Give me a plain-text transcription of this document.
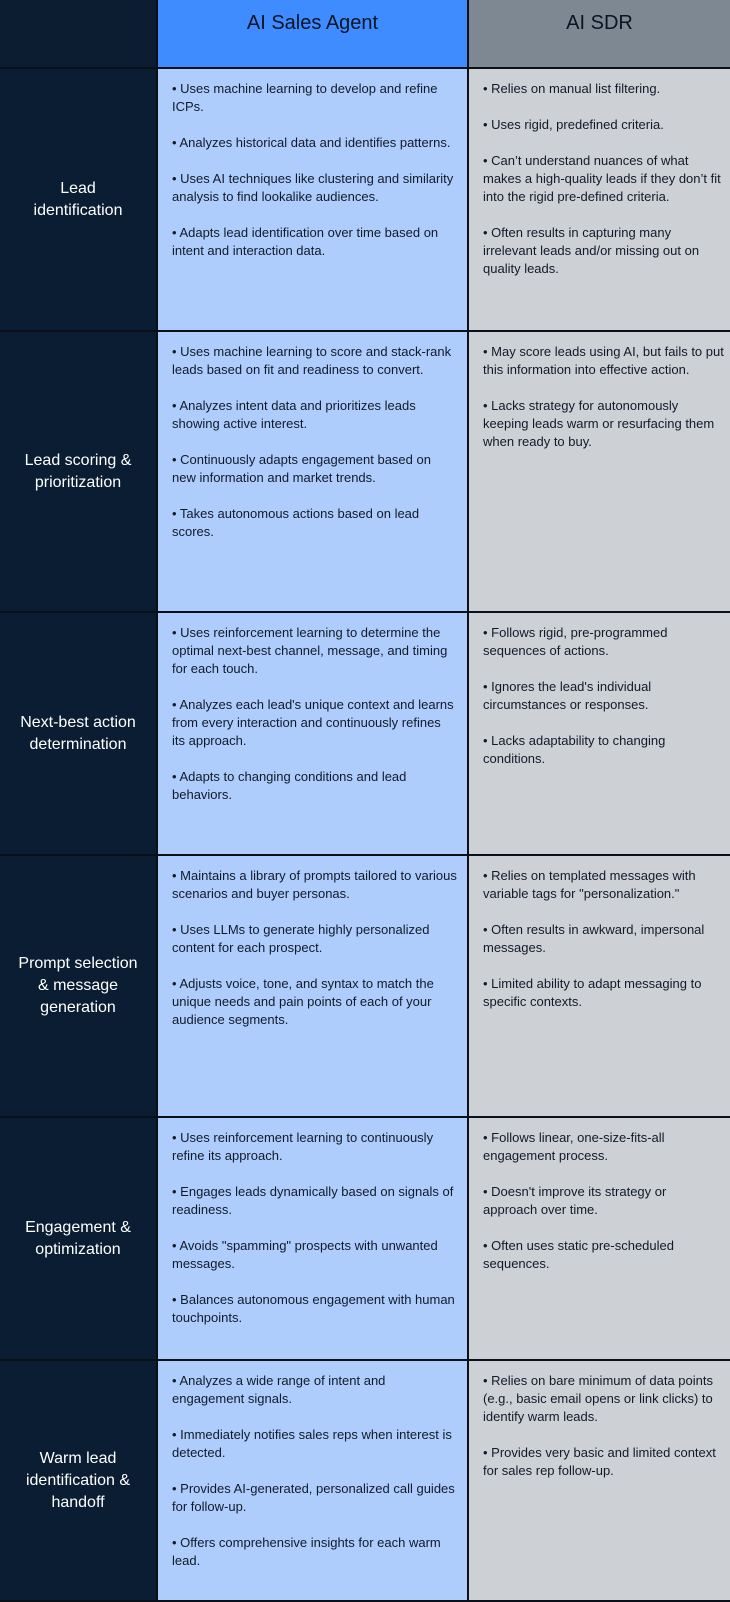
AI Sales Agent	AI SDR
Lead
identification
• Uses machine learning to develop and refine ICPs.
• Analyzes historical data and identifies patterns.
• Uses AI techniques like clustering and similarity analysis to find lookalike audiences.
• Adapts lead identification over time based on intent and interaction data.
• Relies on manual list filtering.
• Uses rigid, predefined criteria.
• Can’t understand nuances of what makes a high-quality leads if they don’t fit into the rigid pre-defined criteria.
• Often results in capturing many irrelevant leads and/or missing out on quality leads.
Lead scoring &
prioritization
• Uses machine learning to score and stack-rank leads based on fit and readiness to convert.
• Analyzes intent data and prioritizes leads showing active interest.
• Continuously adapts engagement based on new information and market trends.
• Takes autonomous actions based on lead scores.
• May score leads using AI, but fails to put this information into effective action.
• Lacks strategy for autonomously keeping leads warm or resurfacing them when ready to buy.
Next-best action
determination
• Uses reinforcement learning to determine the optimal next-best channel, message, and timing for each touch.
• Analyzes each lead's unique context and learns from every interaction and continuously refines its approach.
• Adapts to changing conditions and lead behaviors.
• Follows rigid, pre-programmed sequences of actions.
• Ignores the lead's individual circumstances or responses.
• Lacks adaptability to changing conditions.
Prompt selection
& message
generation
• Maintains a library of prompts tailored to various scenarios and buyer personas.
• Uses LLMs to generate highly personalized content for each prospect.
• Adjusts voice, tone, and syntax to match the unique needs and pain points of each of your audience segments.
• Relies on templated messages with variable tags for "personalization."
• Often results in awkward, impersonal messages.
• Limited ability to adapt messaging to specific contexts.
Engagement &
optimization
• Uses reinforcement learning to continuously refine its approach.
• Engages leads dynamically based on signals of readiness.
• Avoids "spamming" prospects with unwanted messages.
• Balances autonomous engagement with human touchpoints.
• Follows linear, one-size-fits-all engagement process.
• Doesn't improve its strategy or approach over time.
• Often uses static pre-scheduled sequences.
Warm lead
identification &
handoff
• Analyzes a wide range of intent and engagement signals.
• Immediately notifies sales reps when interest is detected.
• Provides AI-generated, personalized call guides for follow-up.
• Offers comprehensive insights for each warm lead.
• Relies on bare minimum of data points (e.g., basic email opens or link clicks) to identify warm leads.
• Provides very basic and limited context for sales rep follow-up.
